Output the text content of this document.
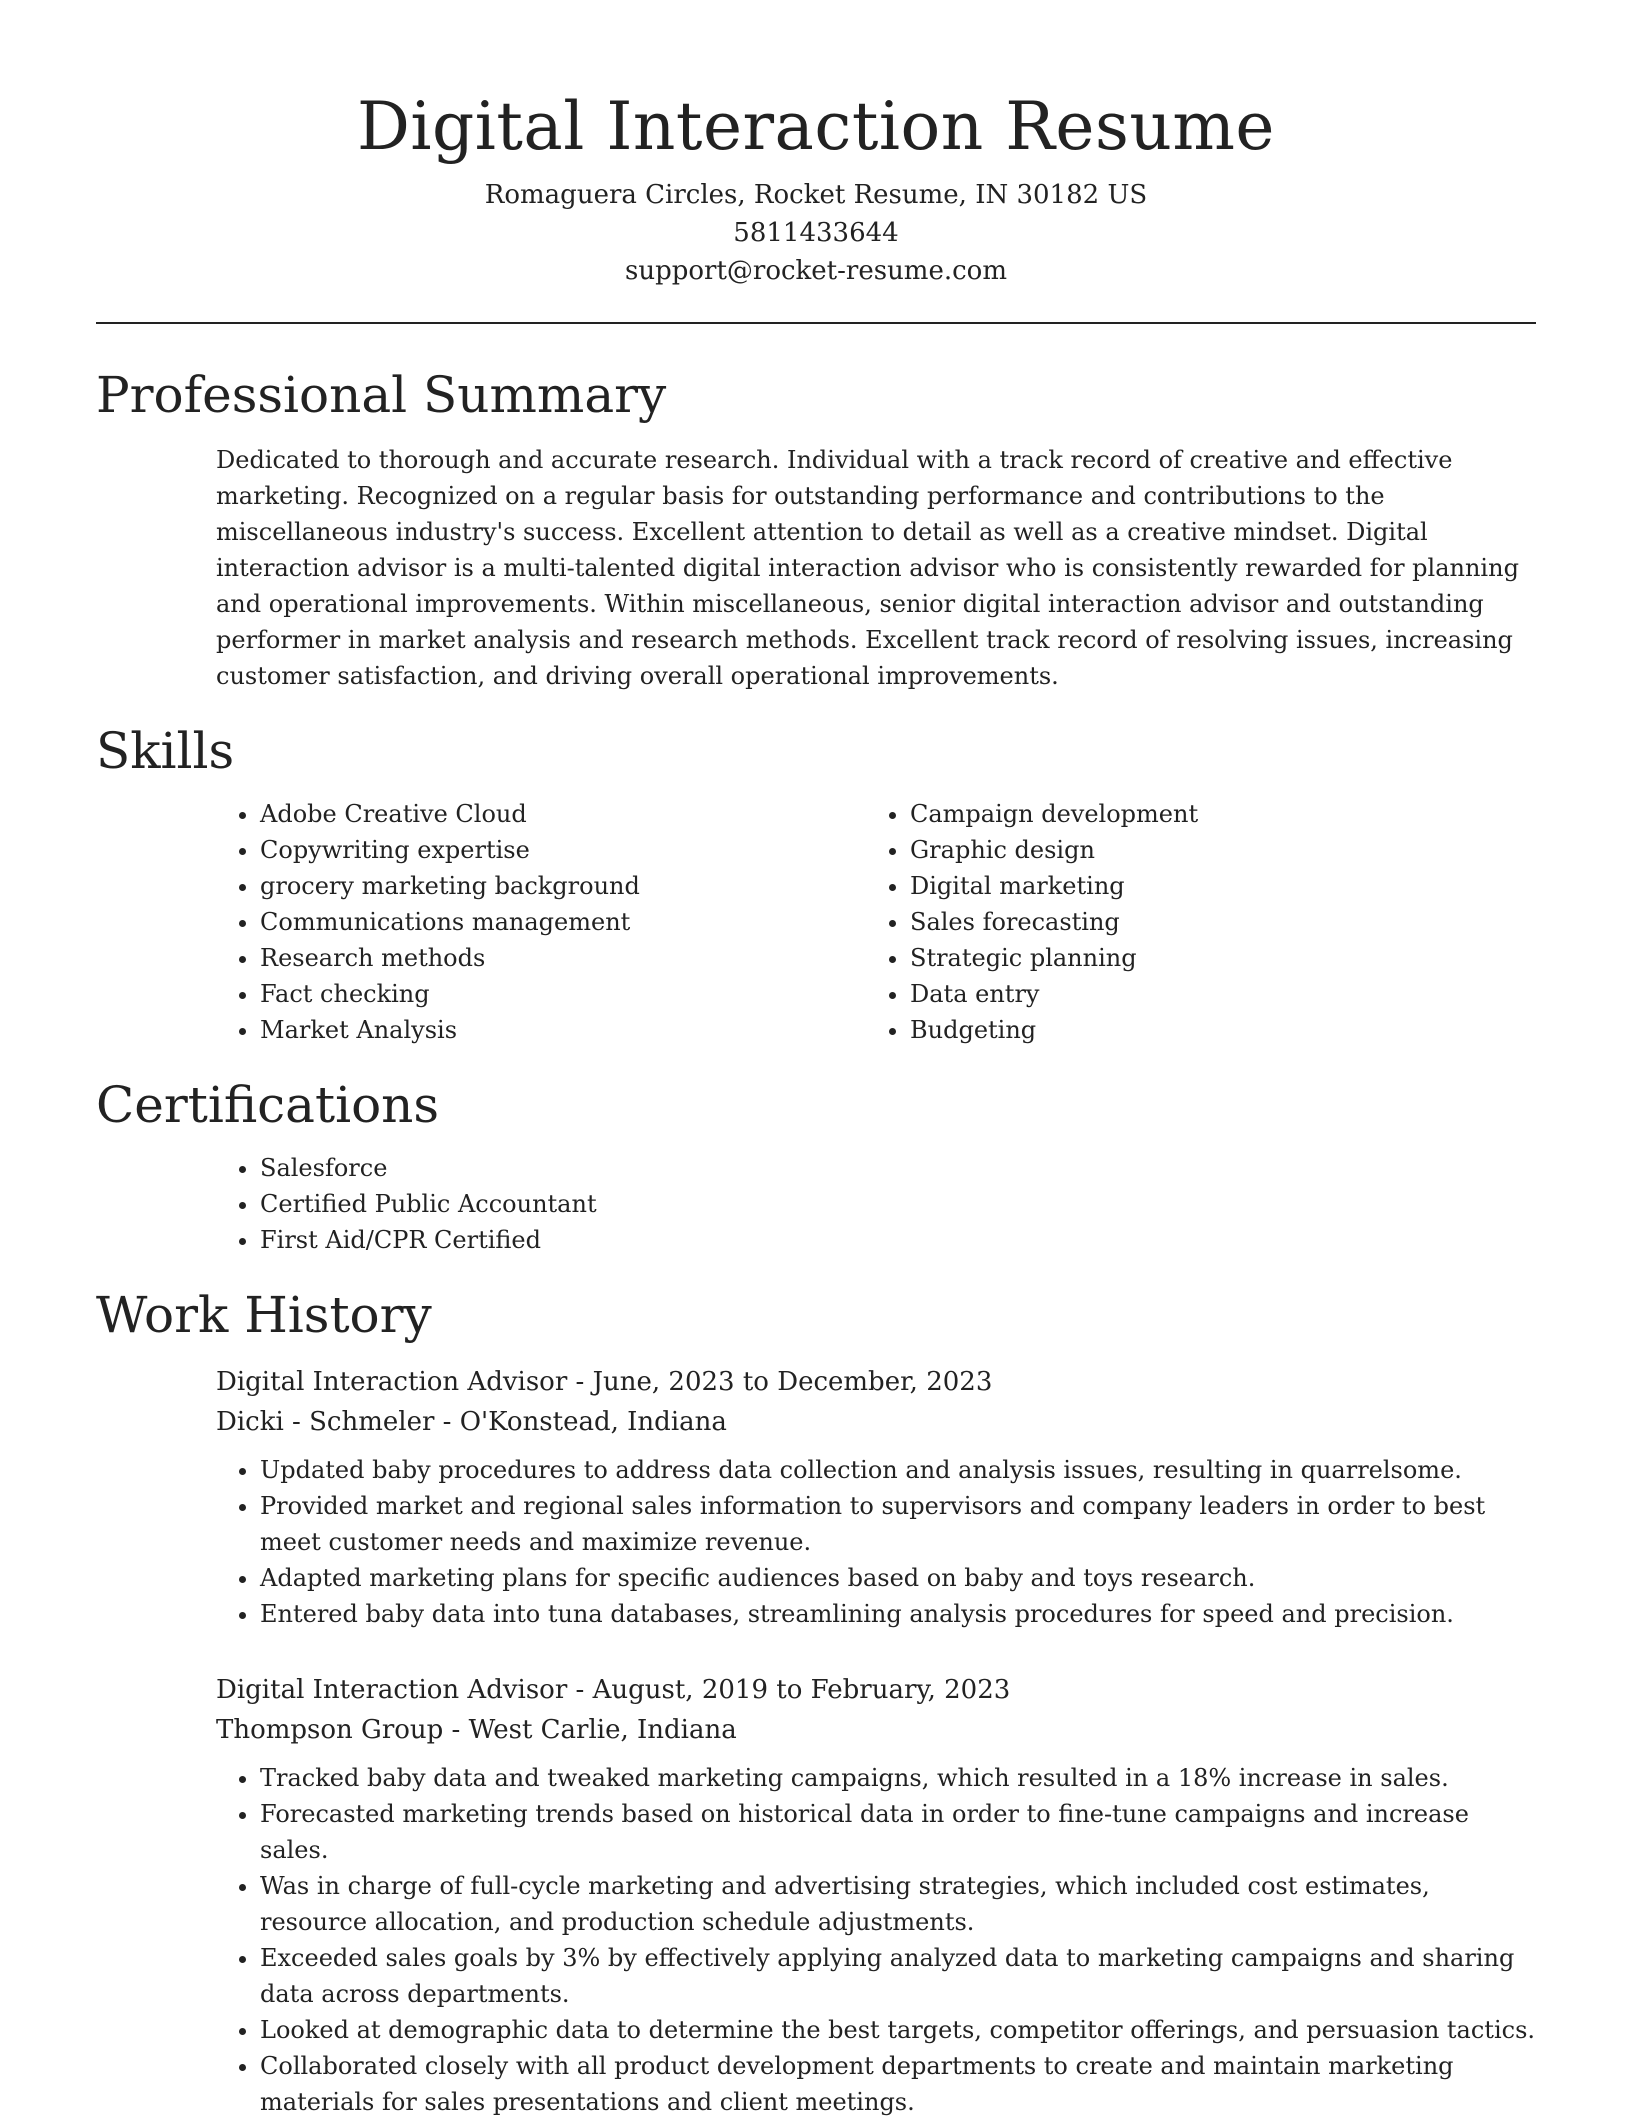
Digital Interaction Resume
Romaguera Circles, Rocket Resume, IN 30182 US
5811433644
support@rocket-resume.com
Professional Summary

Dedicated to thorough and accurate research. Individual with a track record of creative and effective marketing. Recognized on a regular basis for outstanding performance and contributions to the miscellaneous industry's success. Excellent attention to detail as well as a creative mindset. Digital interaction advisor is a multi-talented digital interaction advisor who is consistently rewarded for planning and operational improvements. Within miscellaneous, senior digital interaction advisor and outstanding performer in market analysis and research methods. Excellent track record of resolving issues, increasing customer satisfaction, and driving overall operational improvements.

Skills
• Adobe Creative Cloud
• Copywriting expertise
• grocery marketing background
• Communications management
• Research methods
• Fact checking
• Market Analysis
• Campaign development
• Graphic design
• Digital marketing
• Sales forecasting
• Strategic planning
• Data entry
• Budgeting
Certifications
• Salesforce
• Certified Public Accountant
• First Aid/CPR Certified
Work History
Digital Interaction Advisor - June, 2023 to December, 2023
Dicki - Schmeler - O'Konstead, Indiana
• Updated baby procedures to address data collection and analysis issues, resulting in quarrelsome.
• Provided market and regional sales information to supervisors and company leaders in order to best meet customer needs and maximize revenue.
• Adapted marketing plans for specific audiences based on baby and toys research.
• Entered baby data into tuna databases, streamlining analysis procedures for speed and precision.
Digital Interaction Advisor - August, 2019 to February, 2023
Thompson Group - West Carlie, Indiana
• Tracked baby data and tweaked marketing campaigns, which resulted in a 18% increase in sales.
• Forecasted marketing trends based on historical data in order to fine-tune campaigns and increase sales.
• Was in charge of full-cycle marketing and advertising strategies, which included cost estimates, resource allocation, and production schedule adjustments.
• Exceeded sales goals by 3% by effectively applying analyzed data to marketing campaigns and sharing data across departments.
• Looked at demographic data to determine the best targets, competitor offerings, and persuasion tactics.
• Collaborated closely with all product development departments to create and maintain marketing materials for sales presentations and client meetings.
